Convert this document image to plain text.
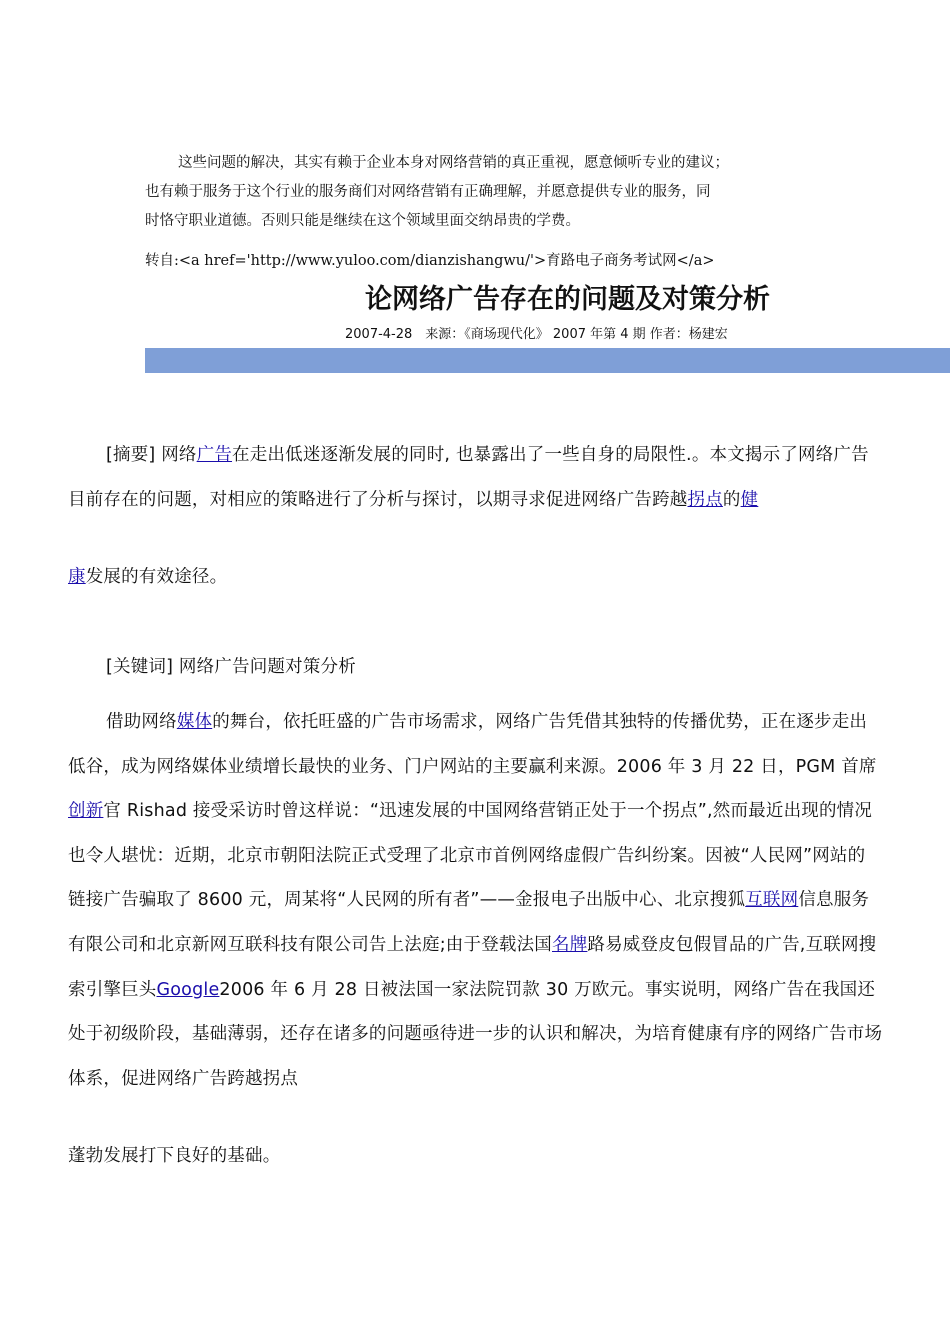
这些问题的解决，其实有赖于企业本身对网络营销的真正重视，愿意倾听专业的建议；
也有赖于服务于这个行业的服务商们对网络营销有正确理解，并愿意提供专业的服务，同
时恪守职业道德。否则只能是继续在这个领域里面交纳昂贵的学费。
转自:<a href='http://www.yuloo.com/dianzishangwu/'>育路电子商务考试网</a>
论网络广告存在的问题及对策分析
2007-4-28　来源：《商场现代化》 2007 年第 4 期 作者：杨建宏

[摘要] 网络广告在走出低迷逐渐发展的同时, 也暴露出了一些自身的局限性.。本文揭示了网络广告目前存在的问题，对相应的策略进行了分析与探讨，以期寻求促进网络广告跨越拐点的健
康发展的有效途径。

[关键词] 网络广告问题对策分析

借助网络媒体的舞台，依托旺盛的广告市场需求，网络广告凭借其独特的传播优势，正在逐步走出低谷，成为网络媒体业绩增长最快的业务、门户网站的主要赢利来源。2006 年 3 月 22 日，PGM 首席创新官 Rishad 接受采访时曾这样说：“迅速发展的中国网络营销正处于一个拐点”,然而最近出现的情况也令人堪忧：近期，北京市朝阳法院正式受理了北京市首例网络虚假广告纠纷案。因被“人民网”网站的链接广告骗取了 8600 元，周某将“人民网的所有者”——金报电子出版中心、北京搜狐互联网信息服务有限公司和北京新网互联科技有限公司告上法庭;由于登载法国名牌路易威登皮包假冒品的广告,互联网搜索引擎巨头Google2006 年 6 月 28 日被法国一家法院罚款 30 万欧元。事实说明，网络广告在我国还处于初级阶段，基础薄弱，还存在诸多的问题亟待进一步的认识和解决，为培育健康有序的网络广告市场体系，促进网络广告跨越拐点
蓬勃发展打下良好的基础。
